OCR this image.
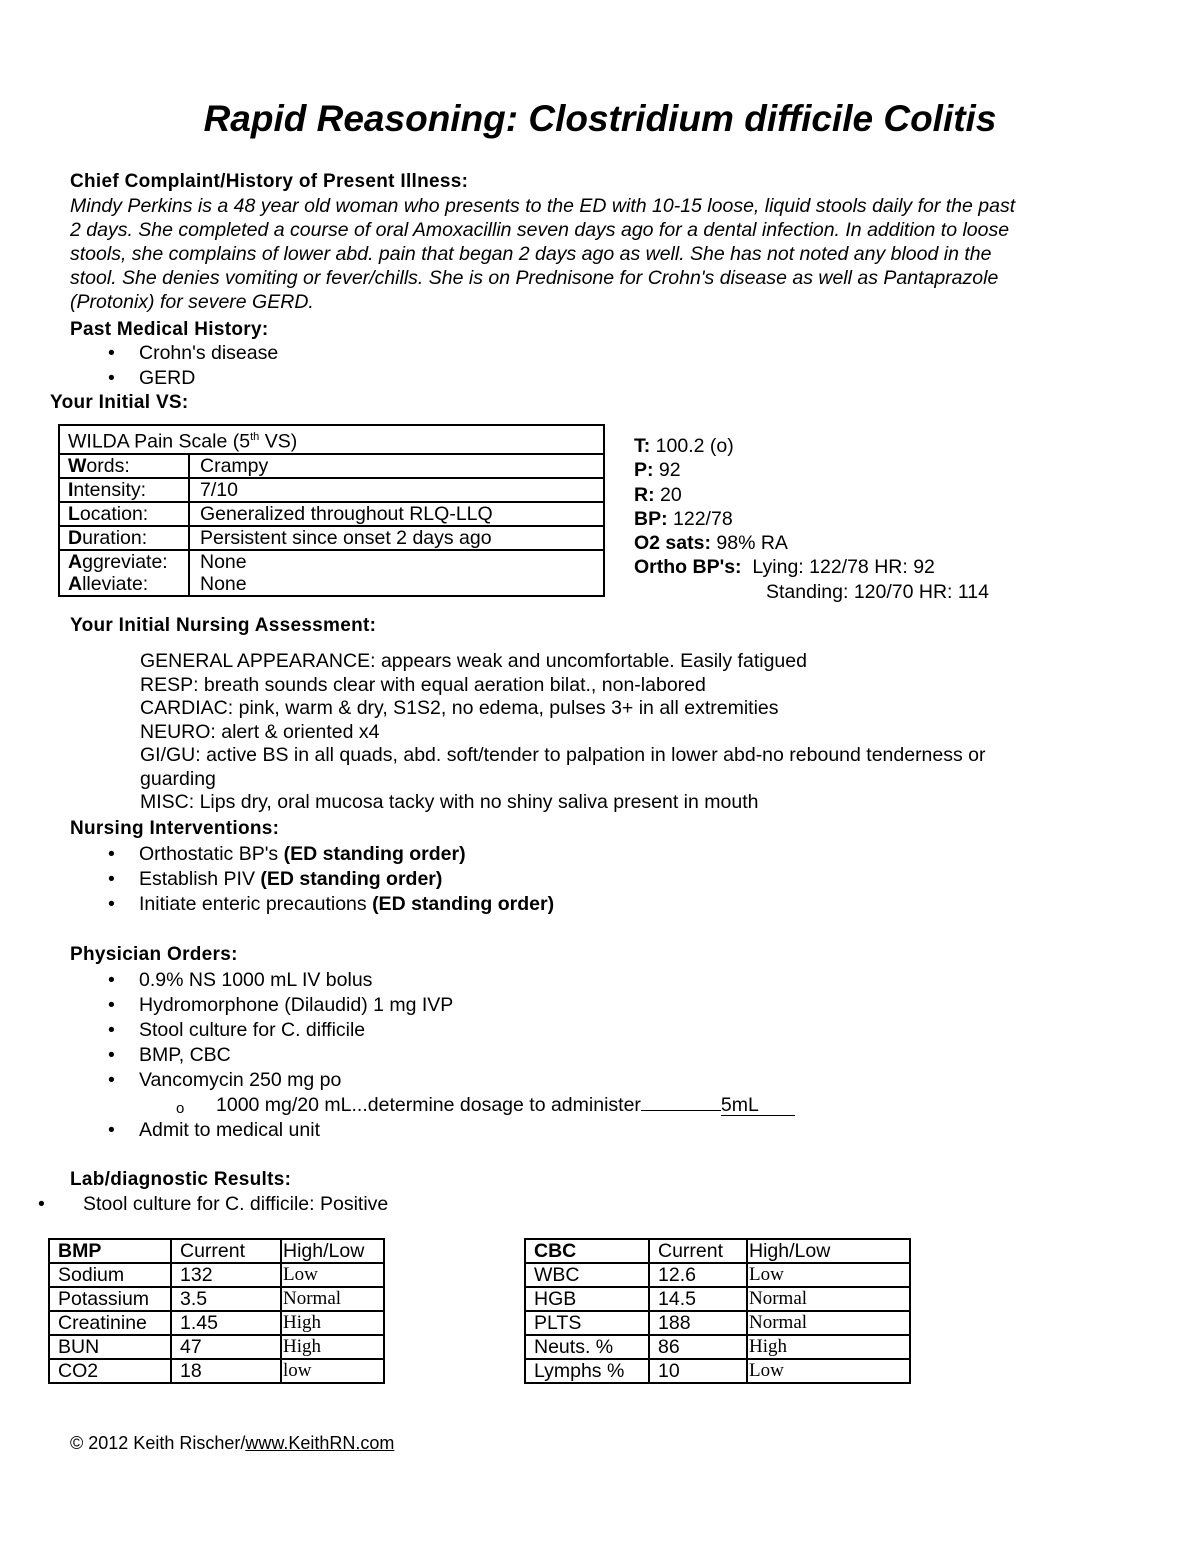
Rapid Reasoning: Clostridium difficile Colitis
Chief Complaint/History of Present Illness:
Mindy Perkins is a 48 year old woman who presents to the ED with 10-15 loose, liquid stools daily for the past
2 days. She completed a course of oral Amoxacillin seven days ago for a dental infection. In addition to loose
stools, she complains of lower abd. pain that began 2 days ago as well. She has not noted any blood in the
stool. She denies vomiting or fever/chills. She is on Prednisone for Crohn's disease as well as Pantaprazole
(Protonix) for severe GERD.
Past Medical History:
• Crohn's disease
• GERD
Your Initial VS:
WILDA Pain Scale (5th VS)	
Words:	Crampy
Intensity:	7/10
Location:	Generalized throughout RLQ-LLQ
Duration:	Persistent since onset 2 days ago
Aggreviate:	None
Alleviate:	None
T: 100.2 (o)
P: 92
R: 20
BP: 122/78
O2 sats: 98% RA
Ortho BP's: Lying: 122/78 HR: 92
Standing: 120/70 HR: 114
Your Initial Nursing Assessment:
GENERAL APPEARANCE: appears weak and uncomfortable. Easily fatigued
RESP: breath sounds clear with equal aeration bilat., non-labored
CARDIAC: pink, warm & dry, S1S2, no edema, pulses 3+ in all extremities
NEURO: alert & oriented x4
GI/GU: active BS in all quads, abd. soft/tender to palpation in lower abd-no rebound tenderness or
guarding
MISC: Lips dry, oral mucosa tacky with no shiny saliva present in mouth
Nursing Interventions:
• Orthostatic BP's (ED standing order)
• Establish PIV (ED standing order)
• Initiate enteric precautions (ED standing order)
Physician Orders:
• 0.9% NS 1000 mL IV bolus
• Hydromorphone (Dilaudid) 1 mg IVP
• Stool culture for C. difficile
• BMP, CBC
• Vancomycin 250 mg po
o 1000 mg/20 mL...determine dosage to administer	5mL
• Admit to medical unit
Lab/diagnostic Results:
• Stool culture for C. difficile: Positive
BMP	Current	High/Low
Sodium	132	Low
Potassium	3.5	Normal
Creatinine	1.45	High
BUN	47	High
CO2	18	low
CBC	Current	High/Low
WBC	12.6	Low
HGB	14.5	Normal
PLTS	188	Normal
Neuts. %	86	High
Lymphs %	10	Low
© 2012 Keith Rischer/www.KeithRN.com
